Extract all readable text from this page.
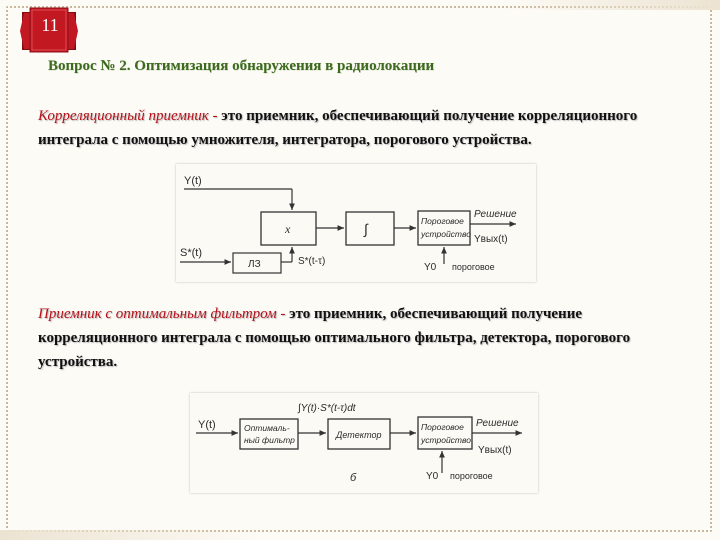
11
Вопрос № 2. Оптимизация обнаружения в радиолокации
Корреляционный приемник - это приемник, обеспечивающий получение корреляционного интеграла с помощью умножителя, интегратора, порогового устройства.
Y(t)
S*(t)
x
ЛЗ	S*(t-τ)
∫	Пороговое
устройство
Решение
Yвых(t)
Y0 пороговое
Приемник с оптимальным фильтром - это приемник, обеспечивающий получение корреляционного интеграла с помощью оптимального фильтра, детектора, порогового устройства.
∫Y(t)·S*(t-τ)dt
Y(t)	Оптималь-
ный фильтр	Детектор
Пороговое
устройство
Решение
Yвых(t)
Y0 пороговое
б
